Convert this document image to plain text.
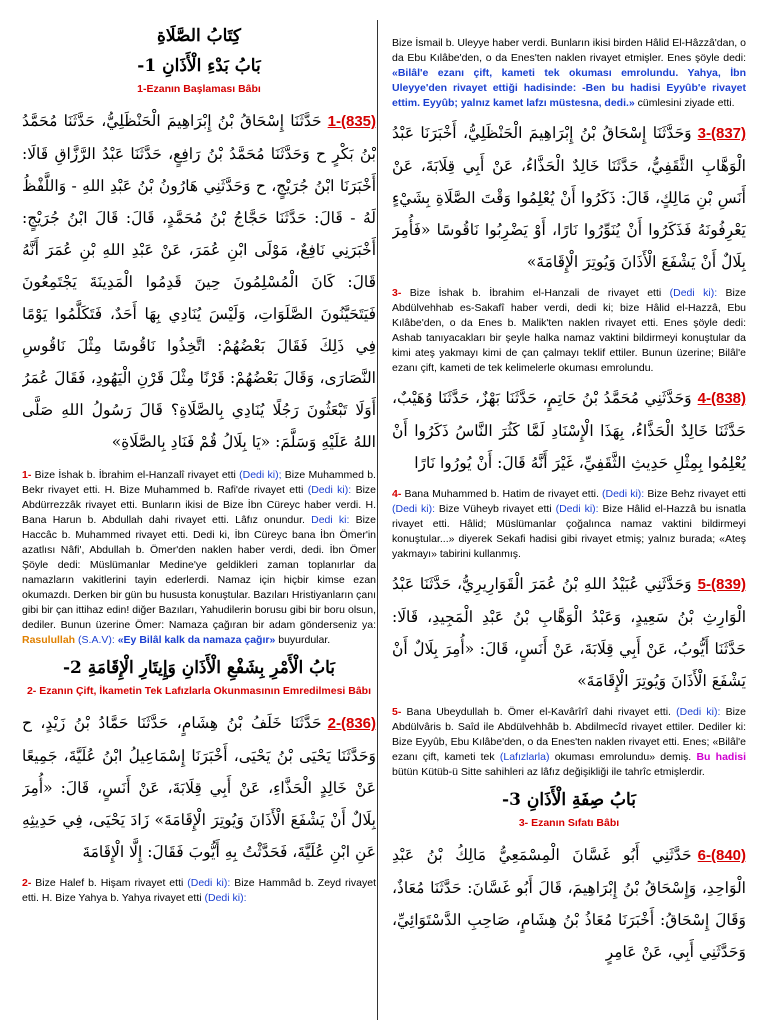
كِتَابُ الصَّلَاةِ

بَابُ بَدْءِ الْأَذَانِ 1-

1-Ezanın Başlaması Bâbı

1-(835)حَدَّثَنَا إِسْحَاقُ بْنُ إِبْرَاهِيمَ الْحَنْظَلِيُّ، حَدَّثَنَا مُحَمَّدُ بْنُ بَكْرٍ ح وَحَدَّثَنَا مُحَمَّدُ بْنُ رَافِعٍ، حَدَّثَنَا عَبْدُ الرَّزَّاقِ قَالَا: أَخْبَرَنَا ابْنُ جُرَيْجٍ، ح وَحَدَّثَنِي هَارُونُ بْنُ عَبْدِ اللهِ - وَاللَّفْظُ لَهُ - قَالَ: حَدَّثَنَا حَجَّاجُ بْنُ مُحَمَّدٍ، قَالَ: قَالَ ابْنُ جُرَيْجٍ: أَخْبَرَنِي نَافِعٌ، مَوْلَى ابْنِ عُمَرَ، عَنْ عَبْدِ اللهِ بْنِ عُمَرَ أَنَّهُ قَالَ: كَانَ الْمُسْلِمُونَ حِينَ قَدِمُوا الْمَدِينَةَ يَجْتَمِعُونَ فَيَتَحَيَّنُونَ الصَّلَوَاتِ، وَلَيْسَ يُنَادِي بِهَا أَحَدٌ، فَتَكَلَّمُوا يَوْمًا فِي ذَلِكَ فَقَالَ بَعْضُهُمْ: اتَّخِذُوا نَاقُوسًا مِثْلَ نَاقُوسِ النَّصَارَى، وَقَالَ بَعْضُهُمْ: قَرْنًا مِثْلَ قَرْنِ الْيَهُودِ، فَقَالَ عُمَرُ أَوَلَا تَبْعَثُونَ رَجُلًا يُنَادِي بِالصَّلَاةِ؟ قَالَ رَسُولُ اللهِ صَلَّى اللهُ عَلَيْهِ وَسَلَّمَ: «يَا بِلَالُ قُمْ فَنَادِ بِالصَّلَاةِ»

1- Bize İshak b. İbrahim el-Hanzalî rivayet etti (Dedi ki); Bize Muhammed b. Bekr rivayet etti. H. Bize Muhammed b. Rafi'de rivayet etti (Dedi ki): Bize Abdürrezzâk rivayet etti. Bunların ikisi de Bize İbn Cüreyc haber verdi. H. Bana Harun b. Abdullah dahi rivayet etti. Lâfız onundur. Dedi ki: Bize Haccâc b. Muhammed rivayet etti. Dedi ki, İbn Cüreyc bana İbn Ömer'in azatlısı Nâfi', Abdullah b. Ömer'den naklen haber verdi, dedi. İbn Ömer Şöyle dedi: Müslümanlar Medine'ye geldikleri zaman toplanırlar da namazların vakitlerini tayin ederlerdi. Namaz için hiçbir kimse ezan okumazdı. Derken bir gün bu hususta konuştular. Bazıları Hristiyanların çanı gibi bir çan ittihaz edin! diğer Bazıları, Yahudilerin borusu gibi bir boru olsun, dediler. Bunun üzerine Ömer: Namaza çağıran bir adam gönderseniz ya: Rasulullah (S.A.V): «Ey Bilâl kalk da namaza çağır» buyurdular.

بَابُ الْأَمْرِ بِشَفْعِ الْأَذَانِ وَإِيتَارِ الْإِقَامَةِ 2-

2- Ezanın Çift, İkametin Tek Lafızlarla Okunmasının Emredilmesi Bâbı

2-(836)حَدَّثَنَا خَلَفُ بْنُ هِشَامٍ، حَدَّثَنَا حَمَّادُ بْنُ زَيْدٍ، ح وَحَدَّثَنَا يَحْيَى بْنُ يَحْيَى، أَخْبَرَنَا إِسْمَاعِيلُ ابْنُ عُلَيَّةَ، جَمِيعًا عَنْ خَالِدٍ الْحَذَّاءِ، عَنْ أَبِي قِلَابَةَ، عَنْ أَنَسٍ، قَالَ: «أُمِرَ بِلَالٌ أَنْ يَشْفَعَ الْأَذَانَ وَيُوتِرَ الْإِقَامَةَ» زَادَ يَحْيَى، فِي حَدِيثِهِ عَنِ ابْنِ عُلَيَّةَ، فَحَدَّثْتُ بِهِ أَيُّوبَ فَقَالَ: إِلَّا الْإِقَامَةَ

2- Bize Halef b. Hişam rivayet etti (Dedi ki): Bize Hammâd b. Zeyd rivayet etti. H. Bize Yahya b. Yahya rivayet etti (Dedi ki):

Bize İsmail b. Uleyye haber verdi. Bunların ikisi birden Hâlid El-Hâzzâ'dan, o da Ebu Kılâbe'den, o da Enes'ten naklen rivayet etmişler. Enes şöyle dedi: «Bilâl'e ezanı çift, kameti tek okuması emrolundu. Yahya, İbn Uleyye'den rivayet ettiği hadisinde: -Ben bu hadisi Eyyûb'e rivayet ettim. Eyyûb; yalnız kamet lafzı müstesna, dedi.» cümlesini ziyade etti.

3-(837)وَحَدَّثَنَا إِسْحَاقُ بْنُ إِبْرَاهِيمَ الْحَنْظَلِيُّ، أَخْبَرَنَا عَبْدُ الْوَهَّابِ الثَّقَفِيُّ، حَدَّثَنَا خَالِدٌ الْحَذَّاءُ، عَنْ أَبِي قِلَابَةَ، عَنْ أَنَسِ بْنِ مَالِكٍ، قَالَ: ذَكَرُوا أَنْ يُعْلِمُوا وَقْتَ الصَّلَاةِ بِشَيْءٍ يَعْرِفُونَهُ فَذَكَرُوا أَنْ يُنَوِّرُوا نَارًا، أَوْ يَضْرِبُوا نَاقُوسًا «فَأُمِرَ بِلَالٌ أَنْ يَشْفَعَ الْأَذَانَ وَيُوتِرَ الْإِقَامَةَ»

3- Bize İshak b. İbrahim el-Hanzali de rivayet etti (Dedi ki): Bize Abdülvehhab es-Sakafî haber verdi, dedi ki; bize Hâlid el-Hazzâ, Ebu Kılâbe'den, o da Enes b. Malik'ten naklen rivayet etti. Enes şöyle dedi: Ashab tanıyacakları bir şeyle halka namaz vaktini bildirmeyi konuştular da kimi ateş yakmayı kimi de çan çalmayı teklif ettiler. Bunun üzerine; Bilâl'e ezanı çift, kameti de tek kelimelerle okuması emrolundu.

4-(838)وَحَدَّثَنِي مُحَمَّدُ بْنُ حَاتِمٍ، حَدَّثَنَا بَهْزٌ، حَدَّثَنَا وُهَيْبٌ، حَدَّثَنَا خَالِدٌ الْحَذَّاءُ، بِهَذَا الْإِسْنَادِ لَمَّا كَثُرَ النَّاسُ ذَكَرُوا أَنْ يُعْلِمُوا بِمِثْلِ حَدِيثِ الثَّقَفِيِّ، غَيْرَ أَنَّهُ قَالَ: أَنْ يُورُوا نَارًا

4- Bana Muhammed b. Hatim de rivayet etti. (Dedi ki): Bize Behz rivayet etti (Dedi ki): Bize Vüheyb rivayet etti (Dedi ki): Bize Hâlid el-Hazzâ bu isnatla rivayet etti. Hâlid; Müslümanlar çoğalınca namaz vaktini bildirmeyi konuştular...» diyerek Sekafi hadisi gibi rivayet etmiş; yalnız burada; «Ateş yakmayı» tabirini kullanmış.

5-(839)وَحَدَّثَنِي عُبَيْدُ اللهِ بْنُ عُمَرَ الْقَوَارِيرِيُّ، حَدَّثَنَا عَبْدُ الْوَارِثِ بْنُ سَعِيدٍ، وَعَبْدُ الْوَهَّابِ بْنُ عَبْدِ الْمَجِيدِ، قَالَا: حَدَّثَنَا أَيُّوبُ، عَنْ أَبِي قِلَابَةَ، عَنْ أَنَسٍ، قَالَ: «أُمِرَ بِلَالٌ أَنْ يَشْفَعَ الْأَذَانَ وَيُوتِرَ الْإِقَامَةَ»

5- Bana Ubeydullah b. Ömer el-Kavârîrî dahi rivayet etti. (Dedi ki): Bize Abdülvâris b. Saîd ile Abdülvehhâb b. Abdilmecîd rivayet ettiler. Dediler ki: Bize Eyyûb, Ebu Kılâbe'den, o da Enes'ten naklen rivayet etti. Enes; «Bilâl'e ezanı çift, kameti tek (Lafızlarla) okuması emrolundu» demiş. Bu hadisi bütün Kütüb-ü Sitte sahihleri az lâfız değişikliği ile tahrîc etmişlerdir.

بَابُ صِفَةِ الْأَذَانِ 3-

3- Ezanın Sıfatı Bâbı

6-(840)حَدَّثَنِي أَبُو غَسَّانَ الْمِسْمَعِيُّ مَالِكُ بْنُ عَبْدِ الْوَاحِدِ، وَإِسْحَاقُ بْنُ إِبْرَاهِيمَ، قَالَ أَبُو غَسَّانَ: حَدَّثَنَا مُعَاذٌ، وَقَالَ إِسْحَاقُ: أَخْبَرَنَا مُعَاذُ بْنُ هِشَامٍ، صَاحِبِ الدَّسْتَوَائِيِّ، وَحَدَّثَنِي أَبِي، عَنْ عَامِرٍ
